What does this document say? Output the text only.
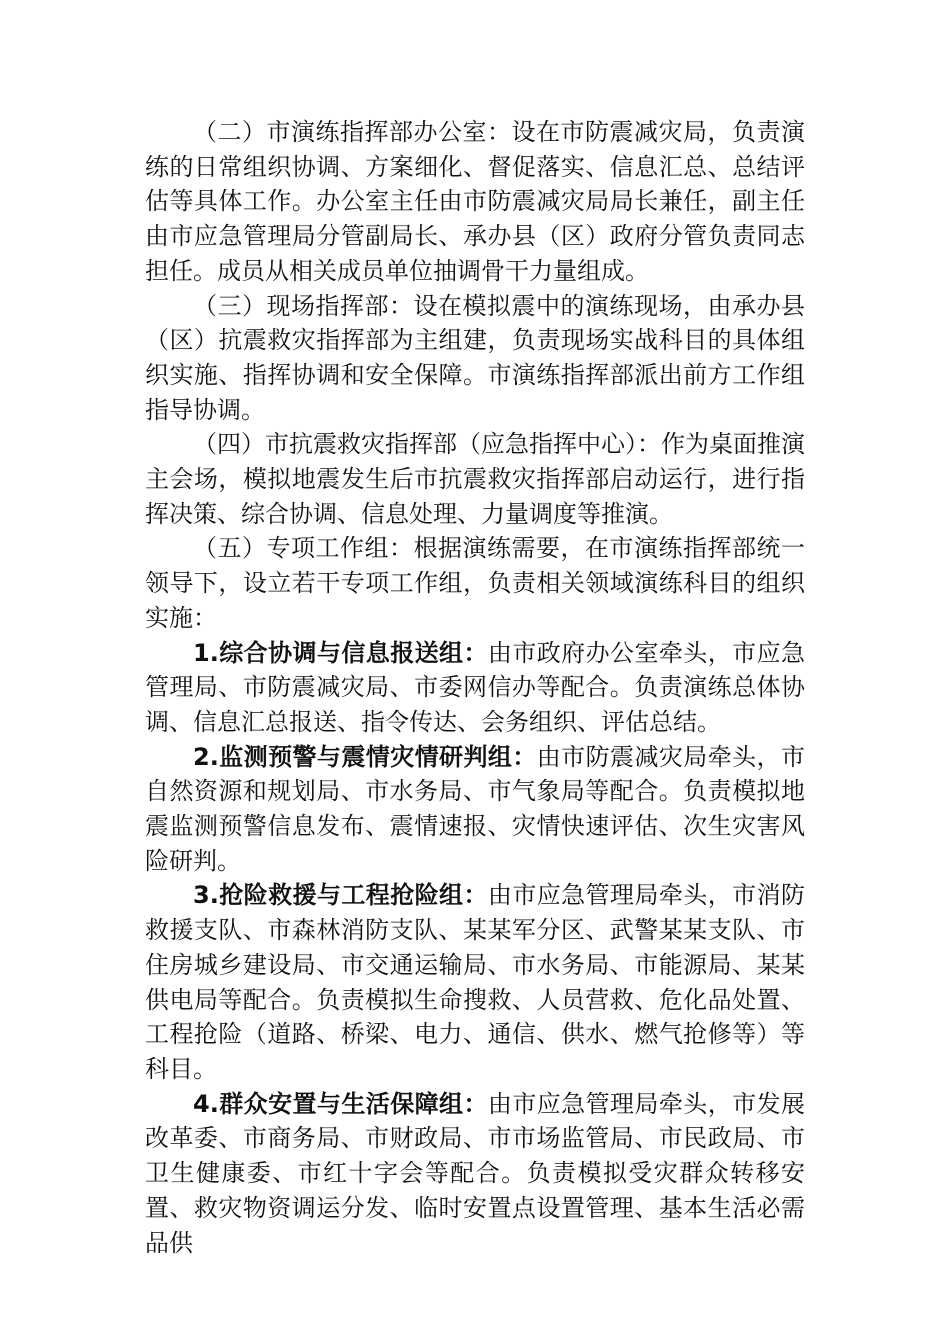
（二）市演练指挥部办公室：设在市防震减灾局，负责演练的日常组织协调、方案细化、督促落实、信息汇总、总结评估等具体工作。办公室主任由市防震减灾局局长兼任，副主任由市应急管理局分管副局长、承办县（区）政府分管负责同志担任。成员从相关成员单位抽调骨干力量组成。

（三）现场指挥部：设在模拟震中的演练现场，由承办县（区）抗震救灾指挥部为主组建，负责现场实战科目的具体组织实施、指挥协调和安全保障。市演练指挥部派出前方工作组指导协调。

（四）市抗震救灾指挥部（应急指挥中心）：作为桌面推演主会场，模拟地震发生后市抗震救灾指挥部启动运行，进行指挥决策、综合协调、信息处理、力量调度等推演。

（五）专项工作组：根据演练需要，在市演练指挥部统一领导下，设立若干专项工作组，负责相关领域演练科目的组织实施：

1.综合协调与信息报送组：由市政府办公室牵头，市应急管理局、市防震减灾局、市委网信办等配合。负责演练总体协调、信息汇总报送、指令传达、会务组织、评估总结。

2.监测预警与震情灾情研判组：由市防震减灾局牵头，市自然资源和规划局、市水务局、市气象局等配合。负责模拟地震监测预警信息发布、震情速报、灾情快速评估、次生灾害风险研判。

3.抢险救援与工程抢险组：由市应急管理局牵头，市消防救援支队、市森林消防支队、某某军分区、武警某某支队、市住房城乡建设局、市交通运输局、市水务局、市能源局、某某供电局等配合。负责模拟生命搜救、人员营救、危化品处置、工程抢险（道路、桥梁、电力、通信、供水、燃气抢修等）等科目。

4.群众安置与生活保障组：由市应急管理局牵头，市发展改革委、市商务局、市财政局、市市场监管局、市民政局、市卫生健康委、市红十字会等配合。负责模拟受灾群众转移安置、救灾物资调运分发、临时安置点设置管理、基本生活必需品供
